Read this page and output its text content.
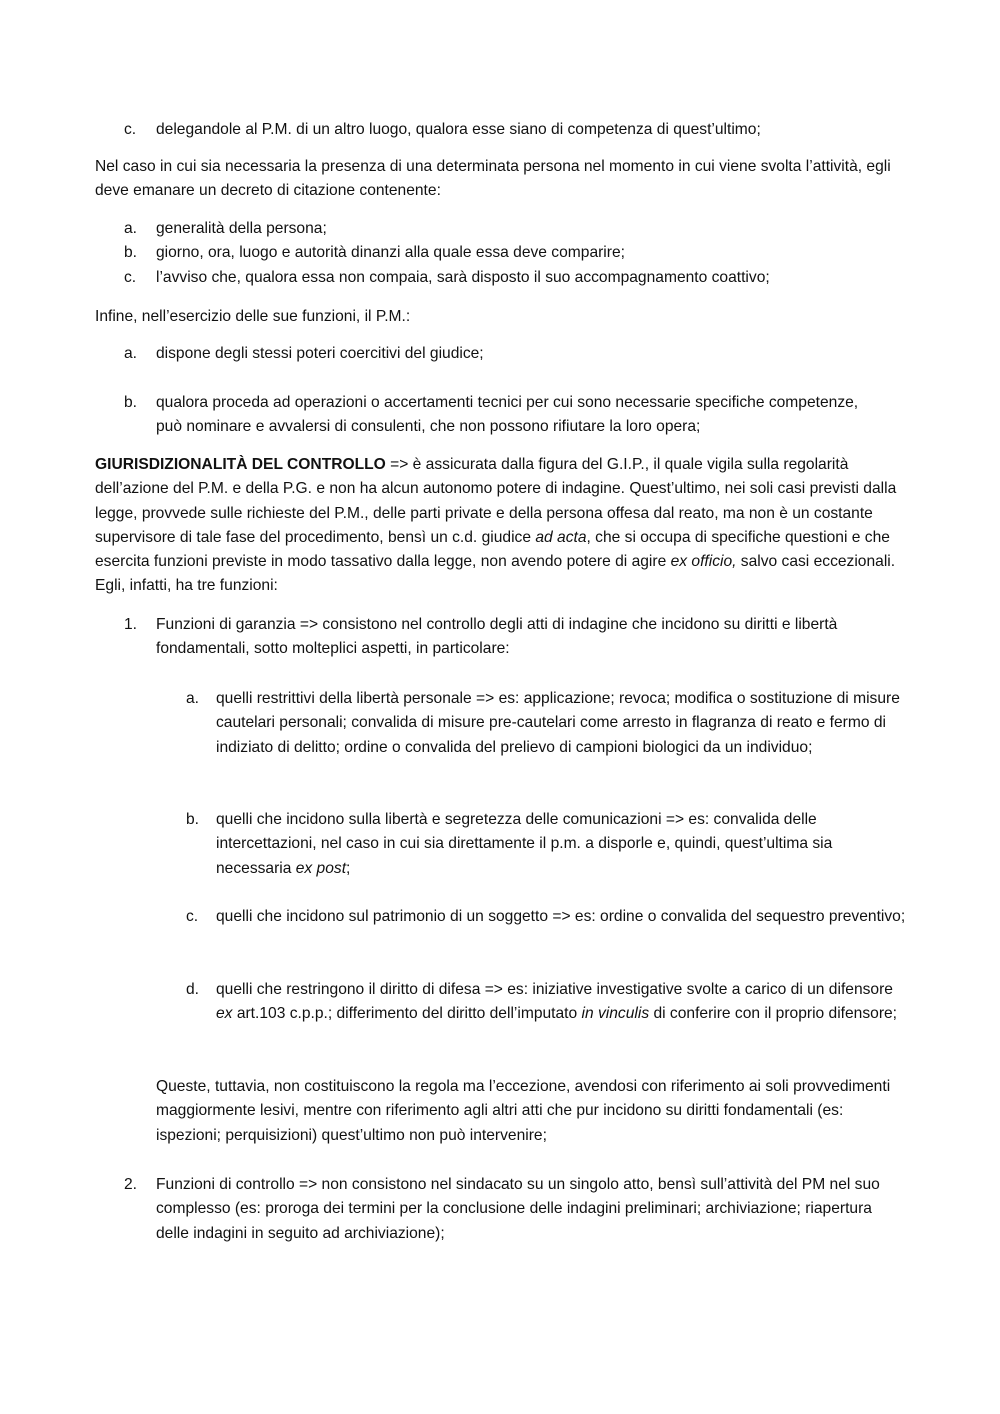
c. delegandole al P.M. di un altro luogo, qualora esse siano di competenza di quest’ultimo;

Nel caso in cui sia necessaria la presenza di una determinata persona nel momento in cui viene svolta l’attività, egli deve emanare un decreto di citazione contenente:

a. generalità della persona;
b. giorno, ora, luogo e autorità dinanzi alla quale essa deve comparire;
c. l’avviso che, qualora essa non compaia, sarà disposto il suo accompagnamento coattivo;

Infine, nell’esercizio delle sue funzioni, il P.M.:

a. dispone degli stessi poteri coercitivi del giudice;
b. qualora proceda ad operazioni o accertamenti tecnici per cui sono necessarie specifiche competenze, può nominare e avvalersi di consulenti, che non possono rifiutare la loro opera;

GIURISDIZIONALITÀ DEL CONTROLLO => è assicurata dalla figura del G.I.P., il quale vigila sulla regolarità dell’azione del P.M. e della P.G. e non ha alcun autonomo potere di indagine. Quest’ultimo, nei soli casi previsti dalla legge, provvede sulle richieste del P.M., delle parti private e della persona offesa dal reato, ma non è un costante supervisore di tale fase del procedimento, bensì un c.d. giudice ad acta, che si occupa di specifiche questioni e che esercita funzioni previste in modo tassativo dalla legge, non avendo potere di agire ex officio, salvo casi eccezionali. Egli, infatti, ha tre funzioni:

1. Funzioni di garanzia => consistono nel controllo degli atti di indagine che incidono su diritti e libertà fondamentali, sotto molteplici aspetti, in particolare:
a. quelli restrittivi della libertà personale => es: applicazione; revoca; modifica o sostituzione di misure cautelari personali; convalida di misure pre-cautelari come arresto in flagranza di reato e fermo di indiziato di delitto; ordine o convalida del prelievo di campioni biologici da un individuo;
b. quelli che incidono sulla libertà e segretezza delle comunicazioni => es: convalida delle intercettazioni, nel caso in cui sia direttamente il p.m. a disporle e, quindi, quest’ultima sia necessaria ex post;
c. quelli che incidono sul patrimonio di un soggetto => es: ordine o convalida del sequestro preventivo;
d. quelli che restringono il diritto di difesa => es: iniziative investigative svolte a carico di un difensore ex art.103 c.p.p.; differimento del diritto dell’imputato in vinculis di conferire con il proprio difensore;
Queste, tuttavia, non costituiscono la regola ma l’eccezione, avendosi con riferimento ai soli provvedimenti maggiormente lesivi, mentre con riferimento agli altri atti che pur incidono su diritti fondamentali (es: ispezioni; perquisizioni) quest’ultimo non può intervenire;
2. Funzioni di controllo => non consistono nel sindacato su un singolo atto, bensì sull’attività del PM nel suo complesso (es: proroga dei termini per la conclusione delle indagini preliminari; archiviazione; riapertura delle indagini in seguito ad archiviazione);
